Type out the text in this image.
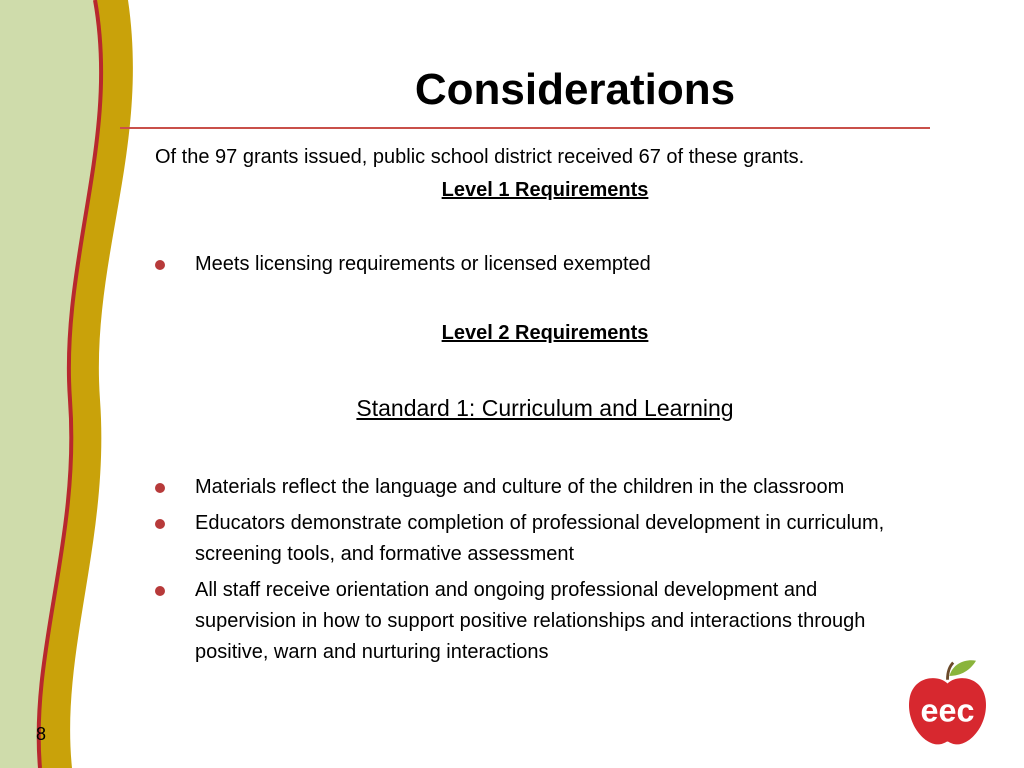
Considerations

Of the 97 grants issued, public school district received 67 of these grants.

Level 1 Requirements

Meets licensing requirements or licensed exempted

Level 2 Requirements

Standard 1: Curriculum and Learning

Materials reflect the language and culture of the children in the classroom
Educators demonstrate completion of professional development in curriculum, screening tools, and formative assessment
All staff receive orientation and ongoing professional development and supervision in how to support positive relationships and interactions through positive, warn and nurturing interactions
8
eec
